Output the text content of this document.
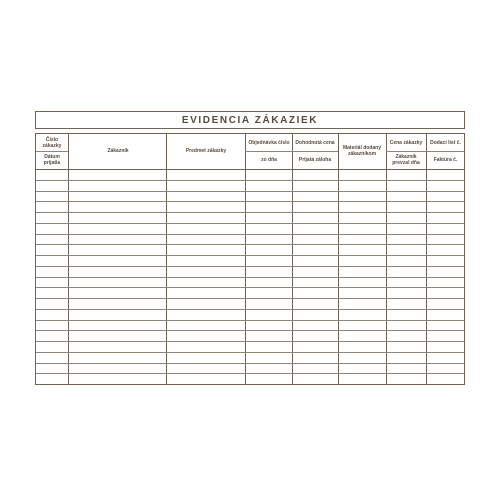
EVIDENCIA ZÁKAZIEK
Číslo zákazky
Dátum prijatia
Zákazník	Predmet zákazky
Objednávka číslo
zo dňa
Dohodnutá cena
Prijatá záloha
Materiál dodaný zákazníkom
Cena zákazky
Zákazník prevzal dňa
Dodací list č.
Faktúra č.
